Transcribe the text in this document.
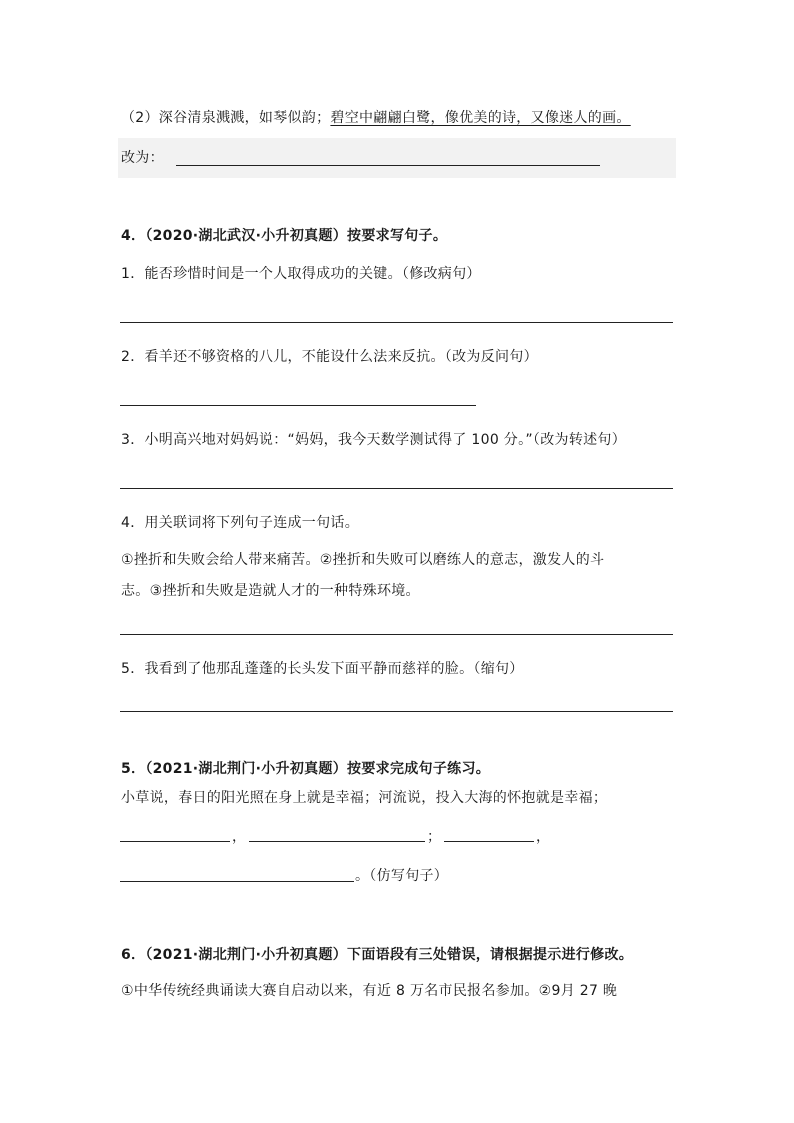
（2）深谷清泉溅溅，如琴似韵；碧空中翩翩白鹭，像优美的诗，又像迷人的画。
改为：
4．（2020·湖北武汉·小升初真题）按要求写句子。
1．能否珍惜时间是一个人取得成功的关键。（修改病句）
2．看羊还不够资格的八儿，不能设什么法来反抗。（改为反问句）
3．小明高兴地对妈妈说：“妈妈，我今天数学测试得了 100 分。”（改为转述句）
4．用关联词将下列句子连成一句话。
①挫折和失败会给人带来痛苦。②挫折和失败可以磨练人的意志，激发人的斗
志。③挫折和失败是造就人才的一种特殊环境。
5．我看到了他那乱蓬蓬的长头发下面平静而慈祥的脸。（缩句）
5．（2021·湖北荆门·小升初真题）按要求完成句子练习。
小草说，春日的阳光照在身上就是幸福；河流说，投入大海的怀抱就是幸福；
，	；	，
。（仿写句子）
6．（2021·湖北荆门·小升初真题）下面语段有三处错误，请根据提示进行修改。
①中华传统经典诵读大赛自启动以来，有近 8 万名市民报名参加。②9月 27 晚
